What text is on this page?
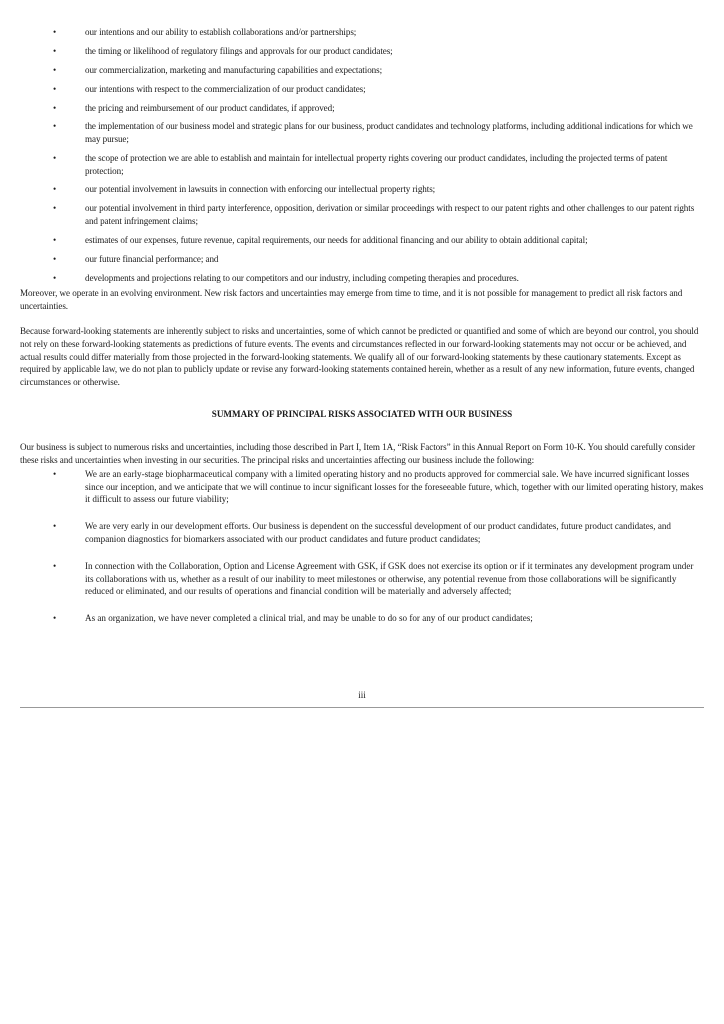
•	our intentions and our ability to establish collaborations and/or partnerships;
•	the timing or likelihood of regulatory filings and approvals for our product candidates;
•	our commercialization, marketing and manufacturing capabilities and expectations;
•	our intentions with respect to the commercialization of our product candidates;
•	the pricing and reimbursement of our product candidates, if approved;
•	the implementation of our business model and strategic plans for our business, product candidates and technology platforms, including additional indications for which we may pursue;
•	the scope of protection we are able to establish and maintain for intellectual property rights covering our product candidates, including the projected terms of patent protection;
•	our potential involvement in lawsuits in connection with enforcing our intellectual property rights;
•	our potential involvement in third party interference, opposition, derivation or similar proceedings with respect to our patent rights and other challenges to our patent rights and patent infringement claims;
•	estimates of our expenses, future revenue, capital requirements, our needs for additional financing and our ability to obtain additional capital;
•	our future financial performance; and
•	developments and projections relating to our competitors and our industry, including competing therapies and procedures.

Moreover, we operate in an evolving environment. New risk factors and uncertainties may emerge from time to time, and it is not possible for management to predict all risk factors and uncertainties.

Because forward-looking statements are inherently subject to risks and uncertainties, some of which cannot be predicted or quantified and some of which are beyond our control, you should not rely on these forward-looking statements as predictions of future events. The events and circumstances reflected in our forward-looking statements may not occur or be achieved, and actual results could differ materially from those projected in the forward-looking statements. We qualify all of our forward-looking statements by these cautionary statements. Except as required by applicable law, we do not plan to publicly update or revise any forward-looking statements contained herein, whether as a result of any new information, future events, changed circumstances or otherwise.

SUMMARY OF PRINCIPAL RISKS ASSOCIATED WITH OUR BUSINESS

Our business is subject to numerous risks and uncertainties, including those described in Part I, Item 1A, “Risk Factors” in this Annual Report on Form 10-K. You should carefully consider these risks and uncertainties when investing in our securities. The principal risks and uncertainties affecting our business include the following:

•	We are an early-stage biopharmaceutical company with a limited operating history and no products approved for commercial sale. We have incurred significant losses since our inception, and we anticipate that we will continue to incur significant losses for the foreseeable future, which, together with our limited operating history, makes it difficult to assess our future viability;
•	We are very early in our development efforts. Our business is dependent on the successful development of our product candidates, future product candidates, and companion diagnostics for biomarkers associated with our product candidates and future product candidates;
•	In connection with the Collaboration, Option and License Agreement with GSK, if GSK does not exercise its option or if it terminates any development program under its collaborations with us, whether as a result of our inability to meet milestones or otherwise, any potential revenue from those collaborations will be significantly reduced or eliminated, and our results of operations and financial condition will be materially and adversely affected;
•	As an organization, we have never completed a clinical trial, and may be unable to do so for any of our product candidates;
iii
